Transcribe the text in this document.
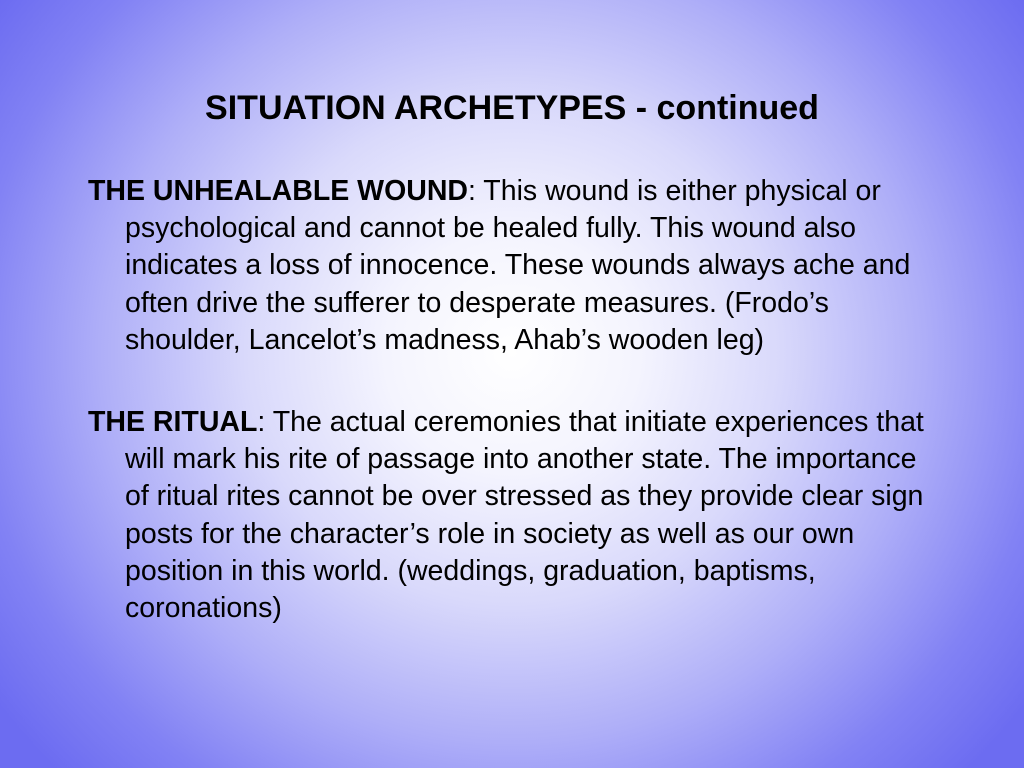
SITUATION ARCHETYPES - continued

THE UNHEALABLE WOUND: This wound is either physical or psychological and cannot be healed fully. This wound also indicates a loss of innocence. These wounds always ache and often drive the sufferer to desperate measures. (Frodo’s shoulder, Lancelot’s madness, Ahab’s wooden leg)

THE RITUAL: The actual ceremonies that initiate experiences that will mark his rite of passage into another state. The importance of ritual rites cannot be over stressed as they provide clear sign posts for the character’s role in society as well as our own position in this world. (weddings, graduation, baptisms, coronations)
